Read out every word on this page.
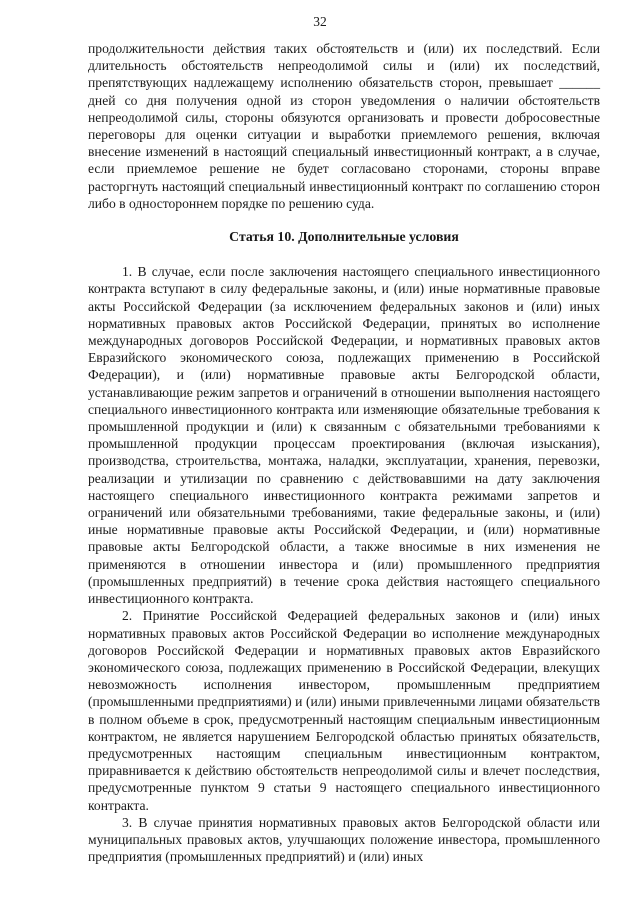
32

продолжительности действия таких обстоятельств и (или) их последствий. Если длительность обстоятельств непреодолимой силы и (или) их последствий, препятствующих надлежащему исполнению обязательств сторон, превышает ______ дней со дня получения одной из сторон уведомления о наличии обстоятельств непреодолимой силы, стороны обязуются организовать и провести добросовестные переговоры для оценки ситуации и выработки приемлемого решения, включая внесение изменений в настоящий специальный инвестиционный контракт, а в случае, если приемлемое решение не будет согласовано сторонами, стороны вправе расторгнуть настоящий специальный инвестиционный контракт по соглашению сторон либо в одностороннем порядке по решению суда.

Статья 10. Дополнительные условия

1. В случае, если после заключения настоящего специального инвестиционного контракта вступают в силу федеральные законы, и (или) иные нормативные правовые акты Российской Федерации (за исключением федеральных законов и (или) иных нормативных правовых актов Российской Федерации, принятых во исполнение международных договоров Российской Федерации, и нормативных правовых актов Евразийского экономического союза, подлежащих применению в Российской Федерации), и (или) нормативные правовые акты Белгородской области, устанавливающие режим запретов и ограничений в отношении выполнения настоящего специального инвестиционного контракта или изменяющие обязательные требования к промышленной продукции и (или) к связанным с обязательными требованиями к промышленной продукции процессам проектирования (включая изыскания), производства, строительства, монтажа, наладки, эксплуатации, хранения, перевозки, реализации и утилизации по сравнению с действовавшими на дату заключения настоящего специального инвестиционного контракта режимами запретов и ограничений или обязательными требованиями, такие федеральные законы, и (или) иные нормативные правовые акты Российской Федерации, и (или) нормативные правовые акты Белгородской области, а также вносимые в них изменения не применяются в отношении инвестора и (или) промышленного предприятия (промышленных предприятий) в течение срока действия настоящего специального инвестиционного контракта.

2. Принятие Российской Федерацией федеральных законов и (или) иных нормативных правовых актов Российской Федерации во исполнение международных договоров Российской Федерации и нормативных правовых актов Евразийского экономического союза, подлежащих применению в Российской Федерации, влекущих невозможность исполнения инвестором, промышленным предприятием (промышленными предприятиями) и (или) иными привлеченными лицами обязательств в полном объеме в срок, предусмотренный настоящим специальным инвестиционным контрактом, не является нарушением Белгородской областью принятых обязательств, предусмотренных настоящим специальным инвестиционным контрактом, приравнивается к действию обстоятельств непреодолимой силы и влечет последствия, предусмотренные пунктом 9 статьи 9 настоящего специального инвестиционного контракта.

3. В случае принятия нормативных правовых актов Белгородской области или муниципальных правовых актов, улучшающих положение инвестора, промышленного предприятия (промышленных предприятий) и (или) иных
